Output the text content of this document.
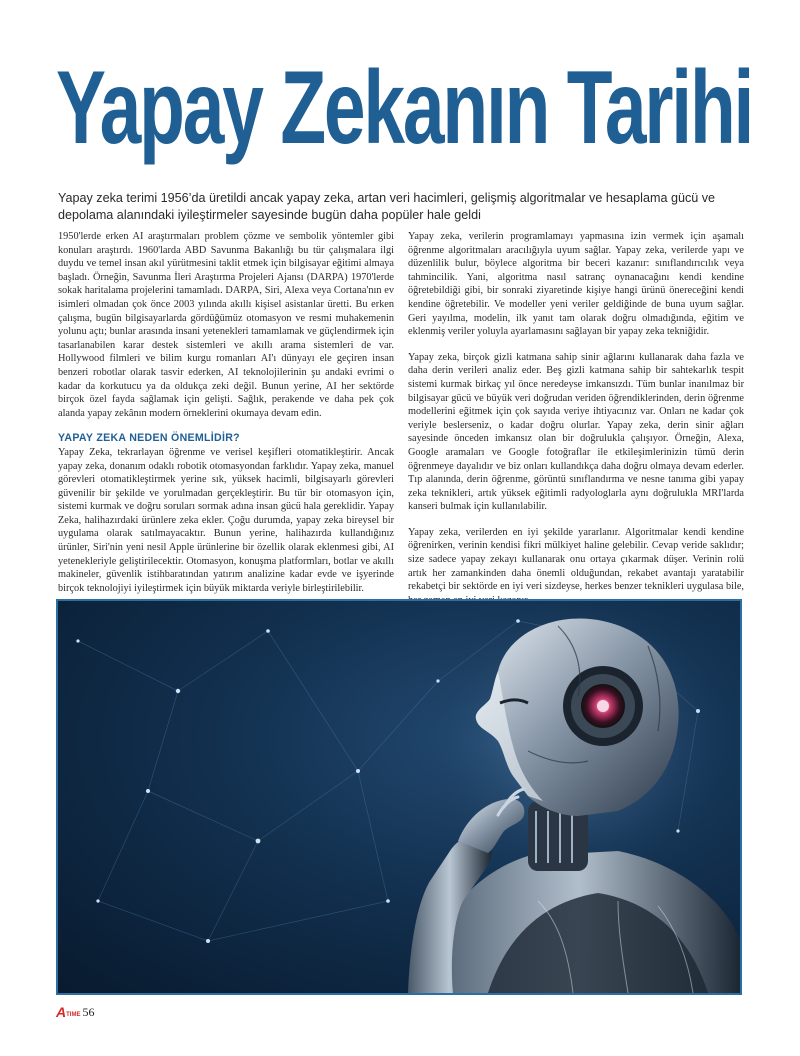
Yapay Zekanın Tarihi

Yapay zeka terimi 1956’da üretildi ancak yapay zeka, artan veri hacimleri, gelişmiş algoritmalar ve hesaplama gücü ve depolama alanındaki iyileştirmeler sayesinde bugün daha popüler hale geldi

1950'lerde erken AI araştırmaları problem çözme ve sembolik yöntemler gibi konuları araştırdı. 1960'larda ABD Savunma Bakanlığı bu tür çalışmalara ilgi duydu ve temel insan akıl yürütmesini taklit etmek için bilgisayar eğitimi almaya başladı. Örneğin, Savunma İleri Araştırma Projeleri Ajansı (DARPA) 1970'lerde sokak haritalama projelerini tamamladı. DARPA, Siri, Alexa veya Cortana'nın ev isimleri olmadan çok önce 2003 yılında akıllı kişisel asistanlar üretti. Bu erken çalışma, bugün bilgisayarlarda gördüğümüz otomasyon ve resmi muhakemenin yolunu açtı; bunlar arasında insani yetenekleri tamamlamak ve güçlendirmek için tasarlanabilen karar destek sistemleri ve akıllı arama sistemleri de var. Hollywood filmleri ve bilim kurgu romanları AI'ı dünyayı ele geçiren insan benzeri robotlar olarak tasvir ederken, AI teknolojilerinin şu andaki evrimi o kadar da korkutucu ya da oldukça zeki değil. Bunun yerine, AI her sektörde birçok özel fayda sağlamak için gelişti. Sağlık, perakende ve daha pek çok alanda yapay zekânın modern örneklerini okumaya devam edin.

YAPAY ZEKA NEDEN ÖNEMLİDİR?

Yapay Zeka, tekrarlayan öğrenme ve verisel keşifleri otomatikleştirir. Ancak yapay zeka, donanım odaklı robotik otomasyondan farklıdır. Yapay zeka, manuel görevleri otomatikleştirmek yerine sık, yüksek hacimli, bilgisayarlı görevleri güvenilir bir şekilde ve yorulmadan gerçekleştirir. Bu tür bir otomasyon için, sistemi kurmak ve doğru soruları sormak adına insan gücü hala gereklidir. Yapay Zeka, halihazırdaki ürünlere zeka ekler. Çoğu durumda, yapay zeka bireysel bir uygulama olarak satılmayacaktır. Bunun yerine, halihazırda kullandığınız ürünler, Siri'nin yeni nesil Apple ürünlerine bir özellik olarak eklenmesi gibi, AI yetenekleriyle geliştirilecektir. Otomasyon, konuşma platformları, botlar ve akıllı makineler, güvenlik istihbaratından yatırım analizine kadar evde ve işyerinde birçok teknolojiyi iyileştirmek için büyük miktarda veriyle birleştirilebilir.

Yapay zeka, verilerin programlamayı yapmasına izin vermek için aşamalı öğrenme algoritmaları aracılığıyla uyum sağlar. Yapay zeka, verilerde yapı ve düzenlilik bulur, böylece algoritma bir beceri kazanır: sınıflandırıcılık veya tahmincilik. Yani, algoritma nasıl satranç oynanacağını kendi kendine öğretebildiği gibi, bir sonraki ziyaretinde kişiye hangi ürünü önereceğini kendi kendine öğretebilir. Ve modeller yeni veriler geldiğinde de buna uyum sağlar. Geri yayılma, modelin, ilk yanıt tam olarak doğru olmadığında, eğitim ve eklenmiş veriler yoluyla ayarlamasını sağlayan bir yapay zeka tekniğidir.

Yapay zeka, birçok gizli katmana sahip sinir ağlarını kullanarak daha fazla ve daha derin verileri analiz eder. Beş gizli katmana sahip bir sahtekarlık tespit sistemi kurmak birkaç yıl önce neredeyse imkansızdı. Tüm bunlar inanılmaz bir bilgisayar gücü ve büyük veri doğrudan veriden öğrendiklerinden, derin öğrenme modellerini eğitmek için çok sayıda veriye ihtiyacınız var. Onları ne kadar çok veriyle beslerseniz, o kadar doğru olurlar. Yapay zeka, derin sinir ağları sayesinde önceden imkansız olan bir doğrulukla çalışıyor. Örneğin, Alexa, Google aramaları ve Google fotoğraflar ile etkileşimlerinizin tümü derin öğrenmeye dayalıdır ve biz onları kullandıkça daha doğru olmaya devam ederler. Tıp alanında, derin öğrenme, görüntü sınıflandırma ve nesne tanıma gibi yapay zeka teknikleri, artık yüksek eğitimli radyologlarla aynı doğrulukla MRI'larda kanseri bulmak için kullanılabilir.

Yapay zeka, verilerden en iyi şekilde yararlanır. Algoritmalar kendi kendine öğrenirken, verinin kendisi fikri mülkiyet haline gelebilir. Cevap veride saklıdır; size sadece yapay zekayı kullanarak onu ortaya çıkarmak düşer. Verinin rolü artık her zamankinden daha önemli olduğundan, rekabet avantajı yaratabilir rekabetçi bir sektörde en iyi veri sizdeyse, herkes benzer teknikleri uygulasa bile,

A TIME 56
